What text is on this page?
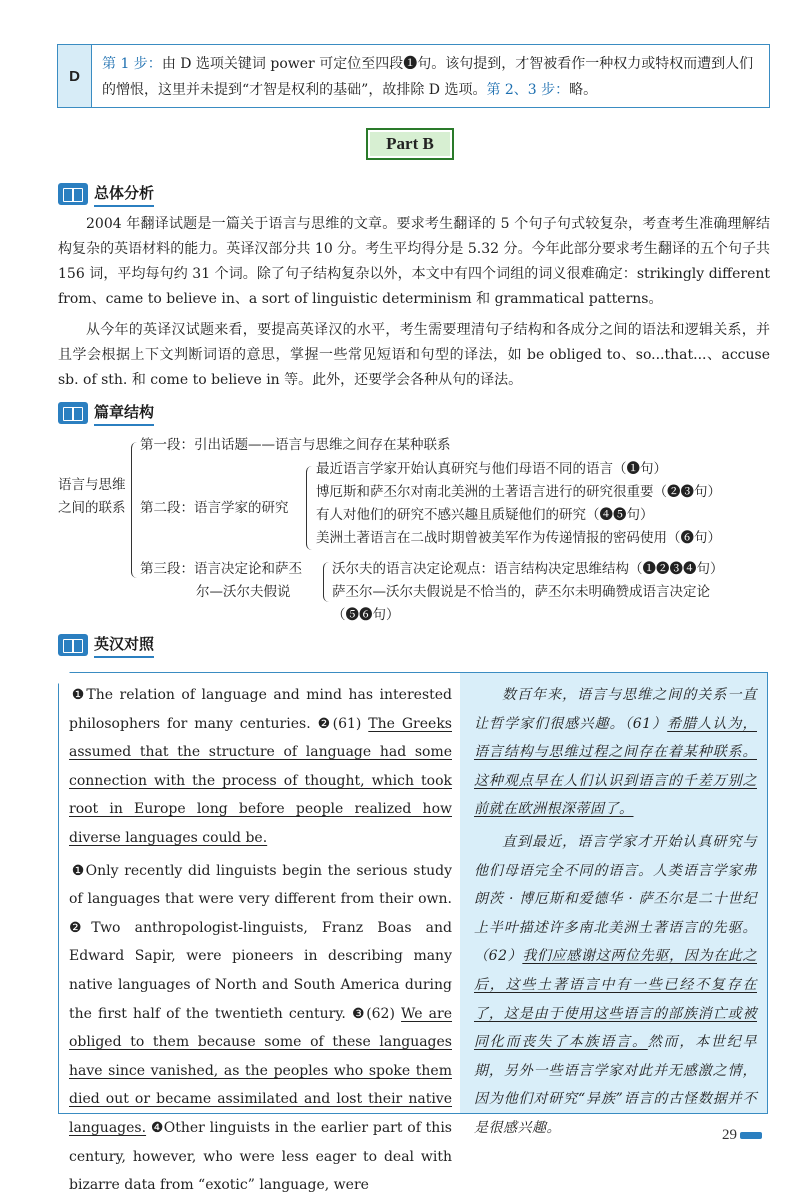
D
第 1 步：由 D 选项关键词 power 可定位至四段❶句。该句提到，才智被看作一种权力或特权而遭到人们的憎恨，这里并未提到“才智是权利的基础”，故排除 D 选项。第 2、3 步：略。
Part B
总体分析

2004 年翻译试题是一篇关于语言与思维的文章。要求考生翻译的 5 个句子句式较复杂，考查考生准确理解结构复杂的英语材料的能力。英译汉部分共 10 分。考生平均得分是 5.32 分。今年此部分要求考生翻译的五个句子共 156 词，平均每句约 31 个词。除了句子结构复杂以外，本文中有四个词组的词义很难确定：strikingly different from、came to believe in、a sort of linguistic determinism 和 grammatical patterns。

从今年的英译汉试题来看，要提高英译汉的水平，考生需要理清句子结构和各成分之间的语法和逻辑关系，并且学会根据上下文判断词语的意思，掌握一些常见短语和句型的译法，如 be obliged to、so...that...、accuse sb. of sth. 和 come to believe in 等。此外，还要学会各种从句的译法。

篇章结构
语言与思维
之间的联系
第一段：引出话题——语言与思维之间存在某种联系
第二段：语言学家的研究
最近语言学家开始认真研究与他们母语不同的语言（❶句）
博厄斯和萨丕尔对南北美洲的土著语言进行的研究很重要（❷❸句）
有人对他们的研究不感兴趣且质疑他们的研究（❹❺句）
美洲土著语言在二战时期曾被美军作为传递情报的密码使用（❻句）
第三段：语言决定论和萨丕
尔—沃尔夫假说
沃尔夫的语言决定论观点：语言结构决定思维结构（❶❷❸❹句）
萨丕尔—沃尔夫假说是不恰当的，萨丕尔未明确赞成语言决定论
（❺❻句）
英汉对照

❶The relation of language and mind has interested philosophers for many centuries. ❷(61) The Greeks assumed that the structure of language had some connection with the process of thought, which took root in Europe long before people realized how diverse languages could be.

❶Only recently did linguists begin the serious study of languages that were very different from their own. ❷Two anthropologist-linguists, Franz Boas and Edward Sapir, were pioneers in describing many native languages of North and South America during the first half of the twentieth century. ❸(62) We are obliged to them because some of these languages have since vanished, as the peoples who spoke them died out or became assimilated and lost their native languages. ❹Other linguists in the earlier part of this century, however, who were less eager to deal with bizarre data from “exotic” language, were

数百年来，语言与思维之间的关系一直让哲学家们很感兴趣。（61）希腊人认为，语言结构与思维过程之间存在着某种联系。这种观点早在人们认识到语言的千差万别之前就在欧洲根深蒂固了。

直到最近，语言学家才开始认真研究与他们母语完全不同的语言。人类语言学家弗朗茨 · 博厄斯和爱德华 · 萨丕尔是二十世纪上半叶描述许多南北美洲土著语言的先驱。（62）我们应感谢这两位先驱，因为在此之后，这些土著语言中有一些已经不复存在了，这是由于使用这些语言的部族消亡或被同化而丧失了本族语言。然而，本世纪早期，另外一些语言学家对此并无感激之情，因为他们对研究“异族”语言的古怪数据并不是很感兴趣。	29
